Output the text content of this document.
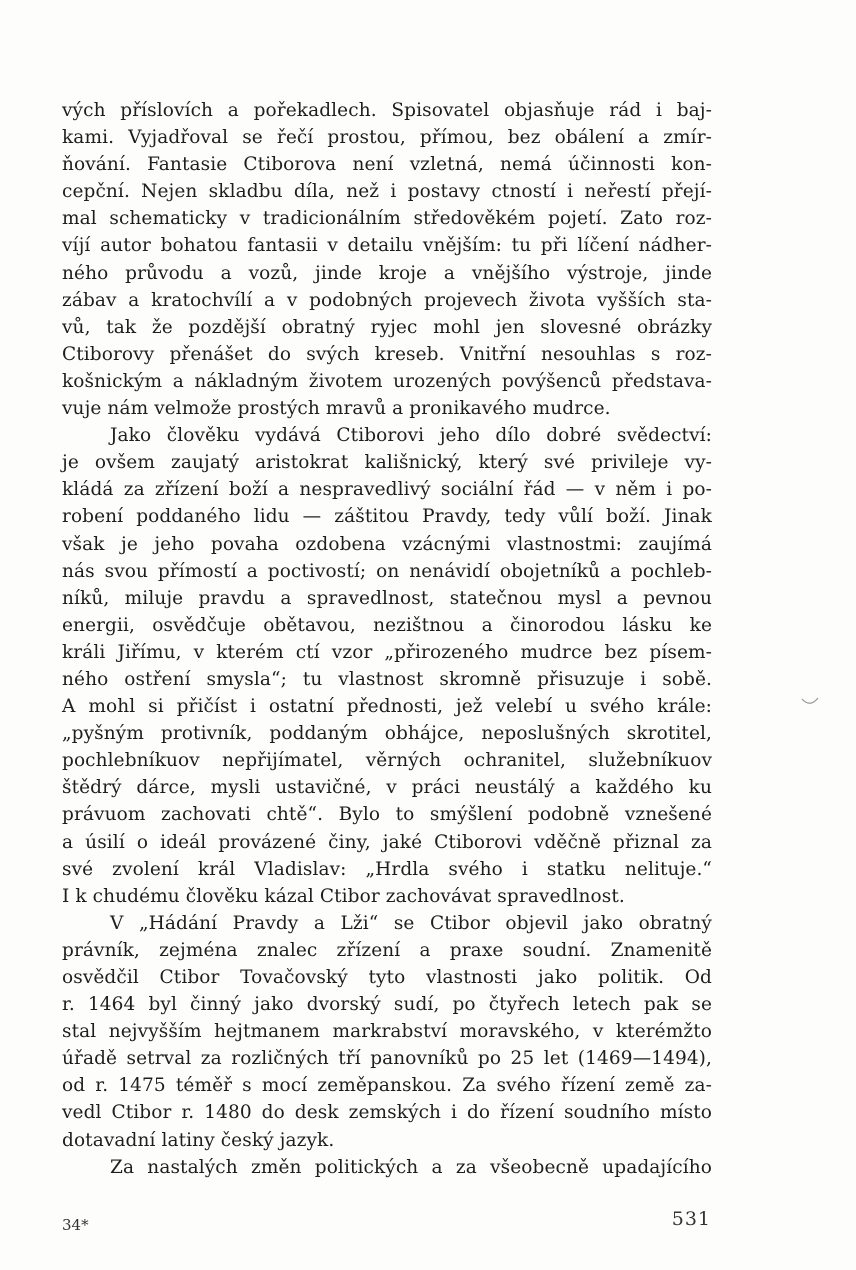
vých příslovích a pořekadlech. Spisovatel objasňuje rád i baj-
kami. Vyjadřoval se řečí prostou, přímou, bez obálení a zmír-
ňování. Fantasie Ctiborova není vzletná, nemá účinnosti kon-
cepční. Nejen skladbu díla, než i postavy ctností i neřestí přejí-
mal schematicky v tradicionálním středověkém pojetí. Zato roz-
víjí autor bohatou fantasii v detailu vnějším: tu při líčení nádher-
ného průvodu a vozů, jinde kroje a vnějšího výstroje, jinde
zábav a kratochvílí a v podobných projevech života vyšších sta-
vů, tak že pozdější obratný ryjec mohl jen slovesné obrázky
Ctiborovy přenášet do svých kreseb. Vnitřní nesouhlas s roz-
košnickým a nákladným životem urozených povýšenců představa-
vuje nám velmože prostých mravů a pronikavého mudrce.
Jako člověku vydává Ctiborovi jeho dílo dobré svědectví:
je ovšem zaujatý aristokrat kališnický, který své privileje vy-
kládá za zřízení boží a nespravedlivý sociální řád — v něm i po-
robení poddaného lidu — záštitou Pravdy, tedy vůlí boží. Jinak
však je jeho povaha ozdobena vzácnými vlastnostmi: zaujímá
nás svou přímostí a poctivostí; on nenávidí obojetníků a pochleb-
níků, miluje pravdu a spravedlnost, statečnou mysl a pevnou
energii, osvědčuje obětavou, nezištnou a činorodou lásku ke
králi Jiřímu, v kterém ctí vzor „přirozeného mudrce bez písem-
ného ostření smysla“; tu vlastnost skromně přisuzuje i sobě.
A mohl si přičíst i ostatní přednosti, jež velebí u svého krále:
„pyšným protivník, poddaným obhájce, neposlušných skrotitel,
pochlebníkuov nepřijímatel, věrných ochranitel, služebníkuov
štědrý dárce, mysli ustavičné, v práci neustálý a každého ku
právuom zachovati chtě“. Bylo to smýšlení podobně vznešené
a úsilí o ideál provázené činy, jaké Ctiborovi vděčně přiznal za
své zvolení král Vladislav: „Hrdla svého i statku nelituje.“
I k chudému člověku kázal Ctibor zachovávat spravedlnost.
V „Hádání Pravdy a Lži“ se Ctibor objevil jako obratný
právník, zejména znalec zřízení a praxe soudní. Znamenitě
osvědčil Ctibor Tovačovský tyto vlastnosti jako politik. Od
r. 1464 byl činný jako dvorský sudí, po čtyřech letech pak se
stal nejvyšším hejtmanem markrabství moravského, v kterémžto
úřadě setrval za rozličných tří panovníků po 25 let (1469—1494),
od r. 1475 téměř s mocí zeměpanskou. Za svého řízení země za-
vedl Ctibor r. 1480 do desk zemských i do řízení soudního místo
dotavadní latiny český jazyk.
Za nastalých změn politických a za všeobecně upadajícího
34*	531
